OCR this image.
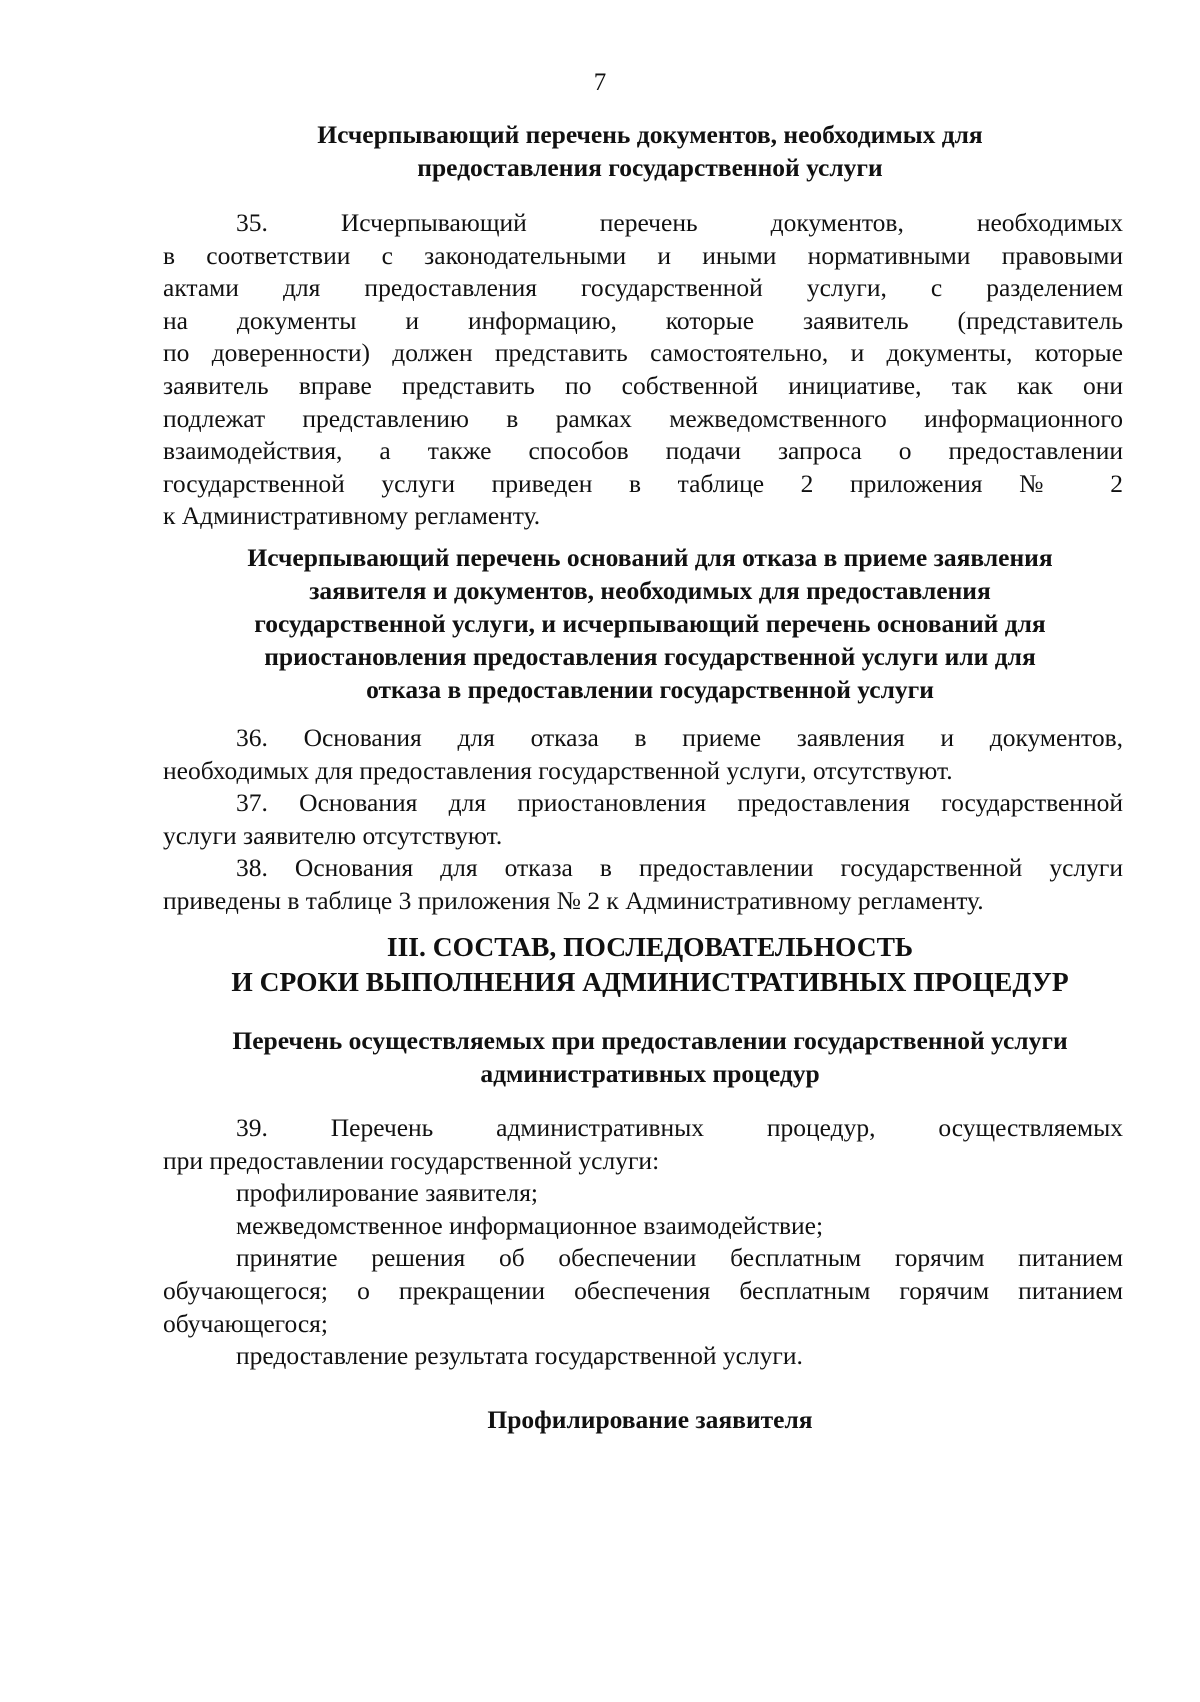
7
Исчерпывающий перечень документов, необходимых для
предоставления государственной услуги
35. Исчерпывающий перечень документов, необходимых
в соответствии с законодательными и иными нормативными правовыми
актами для предоставления государственной услуги, с разделением
на документы и информацию, которые заявитель (представитель
по доверенности) должен представить самостоятельно, и документы, которые
заявитель вправе представить по собственной инициативе, так как они
подлежат представлению в рамках межведомственного информационного
взаимодействия, а также способов подачи запроса о предоставлении
государственной услуги приведен в таблице 2 приложения № 2
к Административному регламенту.
Исчерпывающий перечень оснований для отказа в приеме заявления
заявителя и документов, необходимых для предоставления
государственной услуги, и исчерпывающий перечень оснований для
приостановления предоставления государственной услуги или для
отказа в предоставлении государственной услуги
36. Основания для отказа в приеме заявления и документов,
необходимых для предоставления государственной услуги, отсутствуют.
37. Основания для приостановления предоставления государственной
услуги заявителю отсутствуют.
38. Основания для отказа в предоставлении государственной услуги
приведены в таблице 3 приложения № 2 к Административному регламенту.
III. СОСТАВ, ПОСЛЕДОВАТЕЛЬНОСТЬ
И СРОКИ ВЫПОЛНЕНИЯ АДМИНИСТРАТИВНЫХ ПРОЦЕДУР
Перечень осуществляемых при предоставлении государственной услуги
административных процедур
39. Перечень административных процедур, осуществляемых
при предоставлении государственной услуги:
профилирование заявителя;
межведомственное информационное взаимодействие;
принятие решения об обеспечении бесплатным горячим питанием
обучающегося; о прекращении обеспечения бесплатным горячим питанием
обучающегося;
предоставление результата государственной услуги.
Профилирование заявителя
